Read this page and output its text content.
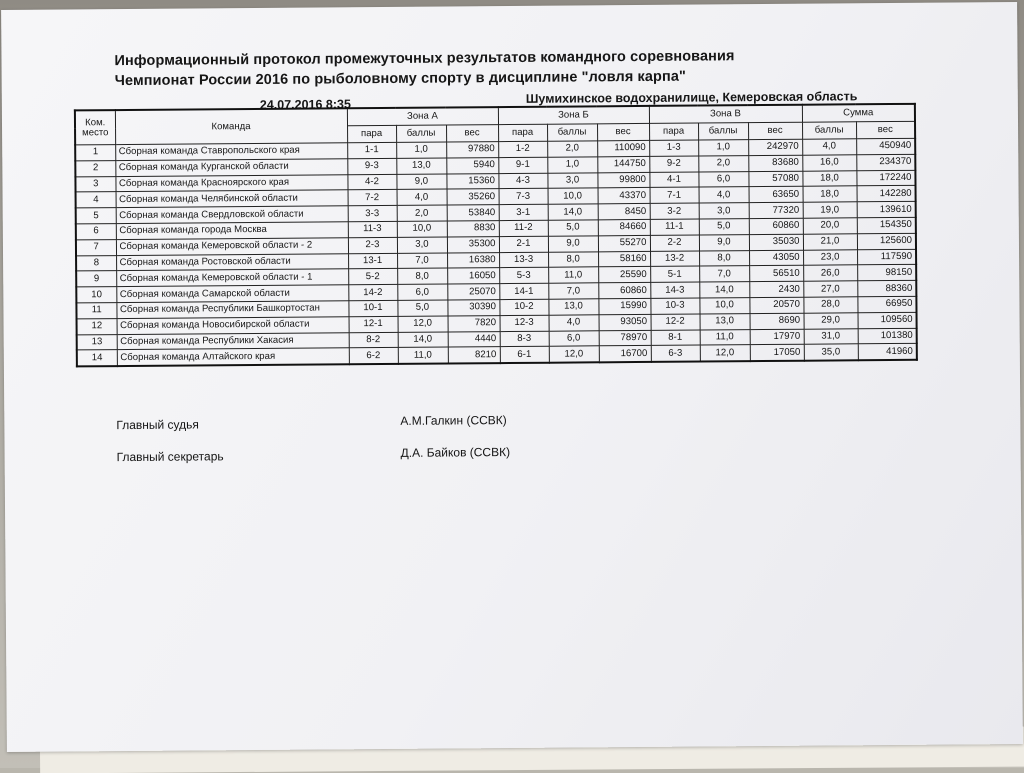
Информационный протокол промежуточных результатов командного соревнования
Чемпионат России 2016 по рыболовному спорту в дисциплине "ловля карпа"
24.07.2016 8:35	Шумихинское водохранилище, Кемеровская область
Ком. место	Команда	Зона А			Зона Б			Зона В			Сумма	
		пара	баллы	вес	пара	баллы	вес	пара	баллы	вес	баллы	вес
1	Сборная команда Ставропольского края	1-1	1,0	97880	1-2	2,0	110090	1-3	1,0	242970	4,0	450940
2	Сборная команда Курганской области	9-3	13,0	5940	9-1	1,0	144750	9-2	2,0	83680	16,0	234370
3	Сборная команда Красноярского края	4-2	9,0	15360	4-3	3,0	99800	4-1	6,0	57080	18,0	172240
4	Сборная команда Челябинской области	7-2	4,0	35260	7-3	10,0	43370	7-1	4,0	63650	18,0	142280
5	Сборная команда Свердловской области	3-3	2,0	53840	3-1	14,0	8450	3-2	3,0	77320	19,0	139610
6	Сборная команда города Москва	11-3	10,0	8830	11-2	5,0	84660	11-1	5,0	60860	20,0	154350
7	Сборная команда Кемеровской области - 2	2-3	3,0	35300	2-1	9,0	55270	2-2	9,0	35030	21,0	125600
8	Сборная команда Ростовской области	13-1	7,0	16380	13-3	8,0	58160	13-2	8,0	43050	23,0	117590
9	Сборная команда Кемеровской области - 1	5-2	8,0	16050	5-3	11,0	25590	5-1	7,0	56510	26,0	98150
10	Сборная команда Самарской области	14-2	6,0	25070	14-1	7,0	60860	14-3	14,0	2430	27,0	88360
11	Сборная команда Республики Башкортостан	10-1	5,0	30390	10-2	13,0	15990	10-3	10,0	20570	28,0	66950
12	Сборная команда Новосибирской области	12-1	12,0	7820	12-3	4,0	93050	12-2	13,0	8690	29,0	109560
13	Сборная команда Республики Хакасия	8-2	14,0	4440	8-3	6,0	78970	8-1	11,0	17970	31,0	101380
14	Сборная команда Алтайского края	6-2	11,0	8210	6-1	12,0	16700	6-3	12,0	17050	35,0	41960
Главный судья	А.М.Галкин (ССВК)
Главный секретарь	Д.А. Байков (ССВК)
